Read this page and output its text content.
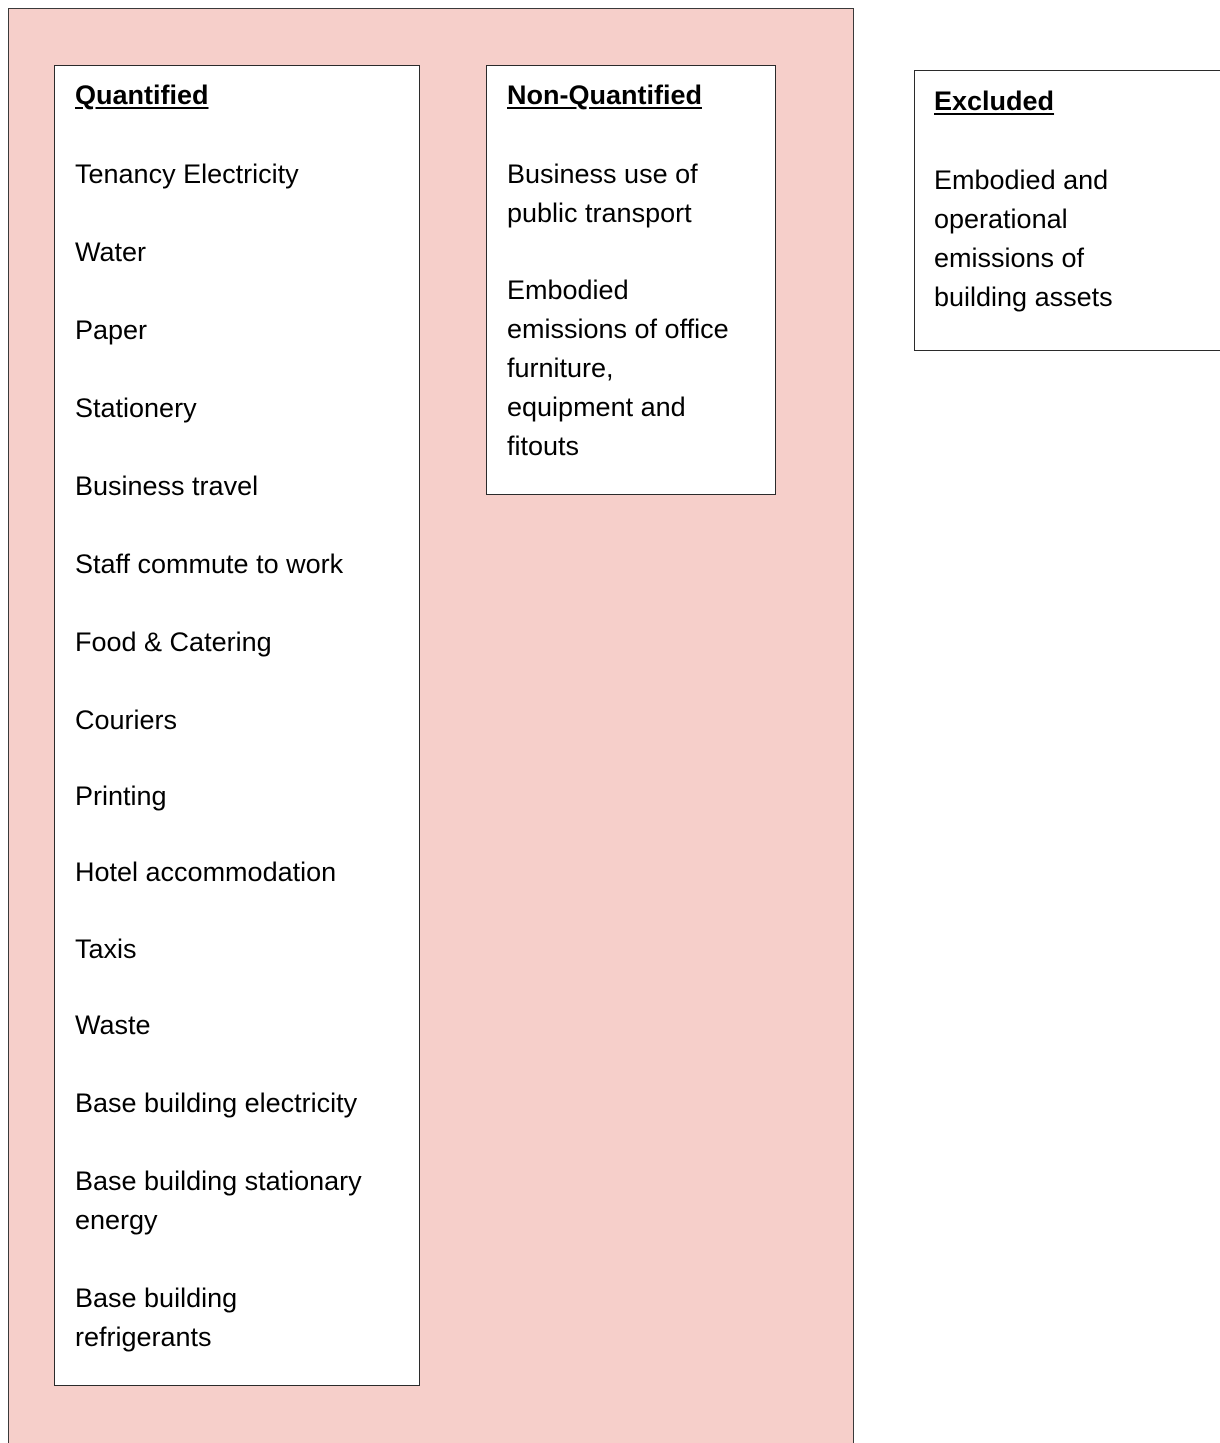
Quantified
Tenancy Electricity
Water
Paper
Stationery
Business travel
Staff commute to work
Food & Catering
Couriers
Printing
Hotel accommodation
Taxis
Waste
Base building electricity
Base building stationary
energy
Base building
refrigerants
Non-Quantified
Business use of
public transport
Embodied
emissions of office
furniture,
equipment and
fitouts
Excluded
Embodied and
operational
emissions of
building assets
